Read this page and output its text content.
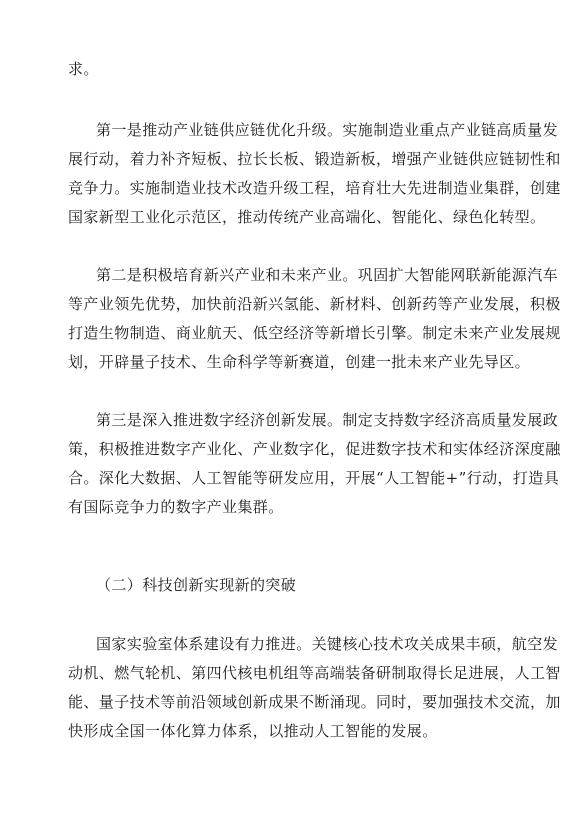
求。
第一是推动产业链供应链优化升级。实施制造业重点产业链高质量发
展行动，着力补齐短板、拉长长板、锻造新板，增强产业链供应链韧性和
竞争力。实施制造业技术改造升级工程，培育壮大先进制造业集群，创建
国家新型工业化示范区，推动传统产业高端化、智能化、绿色化转型。
第二是积极培育新兴产业和未来产业。巩固扩大智能网联新能源汽车
等产业领先优势，加快前沿新兴氢能、新材料、创新药等产业发展，积极
打造生物制造、商业航天、低空经济等新增长引擎。制定未来产业发展规
划，开辟量子技术、生命科学等新赛道，创建一批未来产业先导区。
第三是深入推进数字经济创新发展。制定支持数字经济高质量发展政
策，积极推进数字产业化、产业数字化，促进数字技术和实体经济深度融
合。深化大数据、人工智能等研发应用，开展“人工智能+”行动，打造具
有国际竞争力的数字产业集群。
（二）科技创新实现新的突破
国家实验室体系建设有力推进。关键核心技术攻关成果丰硕，航空发
动机、燃气轮机、第四代核电机组等高端装备研制取得长足进展，人工智
能、量子技术等前沿领域创新成果不断涌现。同时，要加强技术交流，加
快形成全国一体化算力体系，以推动人工智能的发展。
